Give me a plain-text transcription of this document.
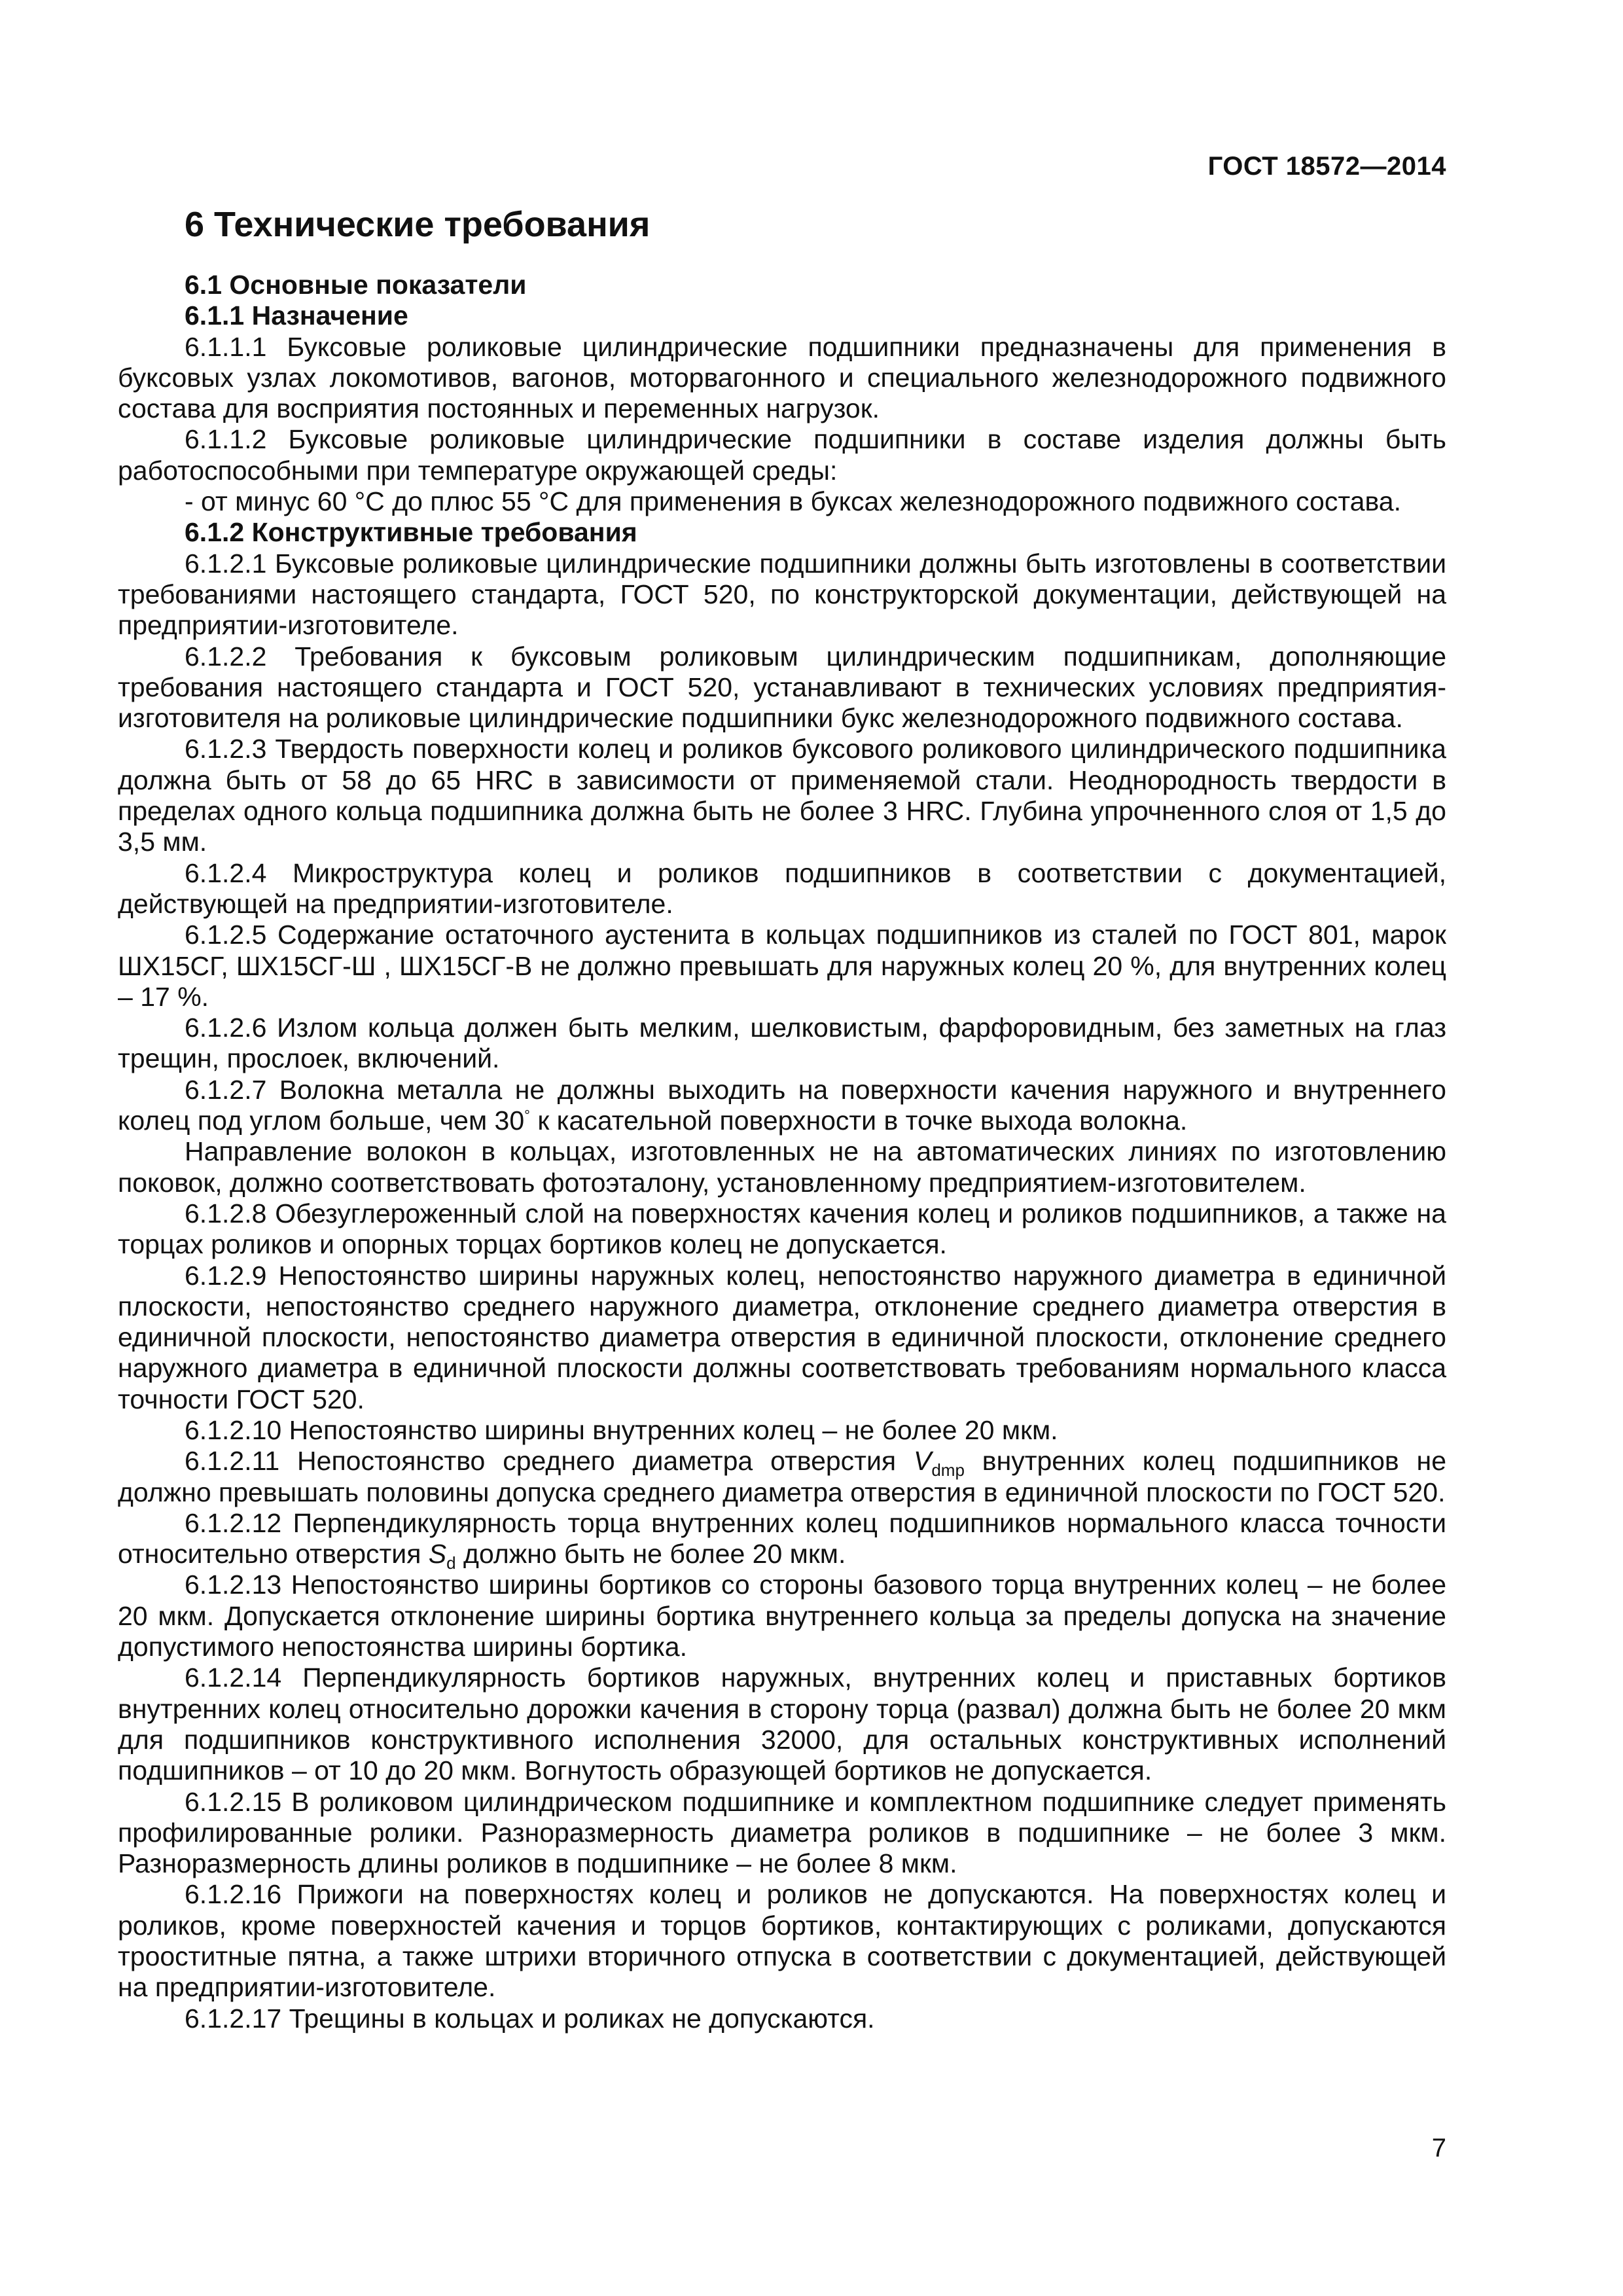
ГОСТ 18572—2014
6 Технические требования

6.1 Основные показатели

6.1.1 Назначение

6.1.1.1 Буксовые роликовые цилиндрические подшипники предназначены для применения в буксовых узлах локомотивов, вагонов, моторвагонного и специального железнодорожного подвижного состава для восприятия постоянных и переменных нагрузок.

6.1.1.2 Буксовые роликовые цилиндрические подшипники в составе изделия должны быть работоспособными при температуре окружающей среды:

- от минус 60 °С до плюс 55 °С для применения в буксах железнодорожного подвижного состава.

6.1.2 Конструктивные требования

6.1.2.1 Буксовые роликовые цилиндрические подшипники должны быть изготовлены в соответствии требованиями настоящего стандарта, ГОСТ 520, по конструкторской документации, действующей на предприятии-изготовителе.

6.1.2.2 Требования к буксовым роликовым цилиндрическим подшипникам, дополняющие требования настоящего стандарта и ГОСТ 520, устанавливают в технических условиях предприятия-изготовителя на роликовые цилиндрические подшипники букс железнодорожного подвижного состава.

6.1.2.3 Твердость поверхности колец и роликов буксового роликового цилиндрического подшипника должна быть от 58 до 65 HRC в зависимости от применяемой стали. Неоднородность твердости в пределах одного кольца подшипника должна быть не более 3 HRC. Глубина упрочненного слоя от 1,5 до 3,5 мм.

6.1.2.4 Микроструктура колец и роликов подшипников в соответствии с документацией, действующей на предприятии-изготовителе.

6.1.2.5 Содержание остаточного аустенита в кольцах подшипников из сталей по ГОСТ 801, марок ШХ15СГ, ШХ15СГ-Ш , ШХ15СГ-В не должно превышать для наружных колец 20 %, для внутренних колец – 17 %.

6.1.2.6 Излом кольца должен быть мелким, шелковистым, фарфоровидным, без заметных на глаз трещин, прослоек, включений.

6.1.2.7 Волокна металла не должны выходить на поверхности качения наружного и внутреннего колец под углом больше, чем 30° к касательной поверхности в точке выхода волокна.

Направление волокон в кольцах, изготовленных не на автоматических линиях по изготовлению поковок, должно соответствовать фотоэталону, установленному предприятием-изготовителем.

6.1.2.8 Обезуглероженный слой на поверхностях качения колец и роликов подшипников, а также на торцах роликов и опорных торцах бортиков колец не допускается.

6.1.2.9 Непостоянство ширины наружных колец, непостоянство наружного диаметра в единичной плоскости, непостоянство среднего наружного диаметра, отклонение среднего диаметра отверстия в единичной плоскости, непостоянство диаметра отверстия в единичной плоскости, отклонение среднего наружного диаметра в единичной плоскости должны соответствовать требованиям нормального класса точности ГОСТ 520.

6.1.2.10 Непостоянство ширины внутренних колец – не более 20 мкм.

6.1.2.11 Непостоянство среднего диаметра отверстия $V_{dmp}$ внутренних колец подшипников не должно превышать половины допуска среднего диаметра отверстия в единичной плоскости по ГОСТ 520.

6.1.2.12 Перпендикулярность торца внутренних колец подшипников нормального класса точности относительно отверстия $S_d$ должно быть не более 20 мкм.

6.1.2.13 Непостоянство ширины бортиков со стороны базового торца внутренних колец – не более 20 мкм. Допускается отклонение ширины бортика внутреннего кольца за пределы допуска на значение допустимого непостоянства ширины бортика.

6.1.2.14 Перпендикулярность бортиков наружных, внутренних колец и приставных бортиков внутренних колец относительно дорожки качения в сторону торца (развал) должна быть не более 20 мкм для подшипников конструктивного исполнения 32000, для остальных конструктивных исполнений подшипников – от 10 до 20 мкм. Вогнутость образующей бортиков не допускается.

6.1.2.15 В роликовом цилиндрическом подшипнике и комплектном подшипнике следует применять профилированные ролики. Разноразмерность диаметра роликов в подшипнике – не более 3 мкм. Разноразмерность длины роликов в подшипнике – не более 8 мкм.

6.1.2.16 Прижоги на поверхностях колец и роликов не допускаются. На поверхностях колец и роликов, кроме поверхностей качения и торцов бортиков, контактирующих с роликами, допускаются трооститные пятна, а также штрихи вторичного отпуска в соответствии с документацией, действующей на предприятии-изготовителе.

6.1.2.17 Трещины в кольцах и роликах не допускаются.

7
